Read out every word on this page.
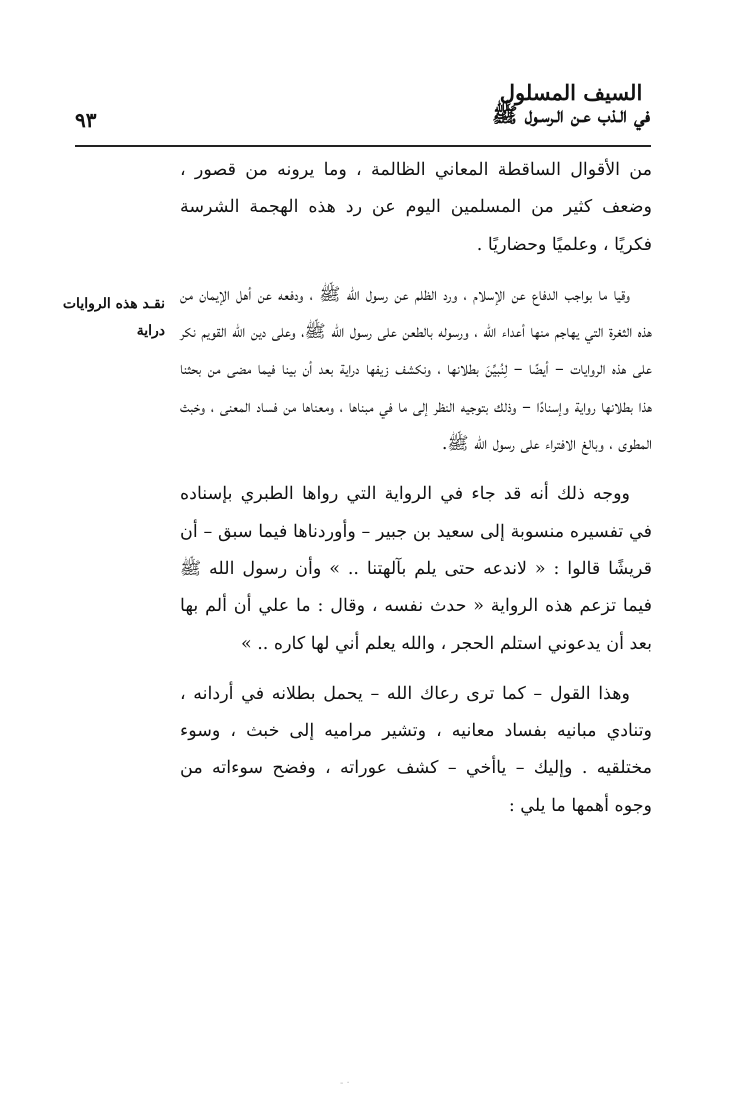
السيف المسلول
في الـذب عـن الـرسـول ﷺ
٩٣
نقـد هذه الروايات
دراية

من الأقوال الساقطة المعاني الظالمة ، وما يرونه من قصور ، وضعف كثير من المسلمين اليوم عن رد هذه الهجمة الشرسة فكريًا ، وعلميًا وحضاريًا .

وقيا ما بواجب الدفاع عن الإسلام ، ورد الظلم عن رسول الله ﷺ ، ودفعه عن أهل الإيمان من هذه الثغرة التي يهاجم منها أعداء الله ، ورسوله بالطعن على رسول الله ﷺ، وعلى دين الله القويم نكر على هذه الروايات – أيضًا – لِنُبيِّنَ بطلانها ، ونكشف زيفها دراية بعد أن بينا فيما مضى من بحثنا هذا بطلانها رواية وإسنادًا – وذلك بتوجيه النظر إلى ما في مبناها ، ومعناها من فساد المعنى ، وخبث المطوى ، وبالغ الافتراء على رسول الله ﷺ.

ووجه ذلك أنه قد جاء في الرواية التي رواها الطبري بإسناده في تفسيره منسوبة إلى سعيد بن جبير – وأوردناها فيما سبق – أن قريشًا قالوا : « لاندعه حتى يلم بآلهتنا .. » وأن رسول الله ﷺ فيما تزعم هذه الرواية « حدث نفسه ، وقال : ما علي أن ألم بها بعد أن يدعوني استلم الحجر ، والله يعلم أني لها كاره .. »

وهذا القول – كما ترى رعاك الله – يحمل بطلانه في أردانه ، وتنادي مبانيه بفساد معانيه ، وتشير مراميه إلى خبث ، وسوء مختلقيه . وإليك – ياأخي – كشف عوراته ، وفضح سوءاته من وجوه أهمها ما يلي :

- ·
